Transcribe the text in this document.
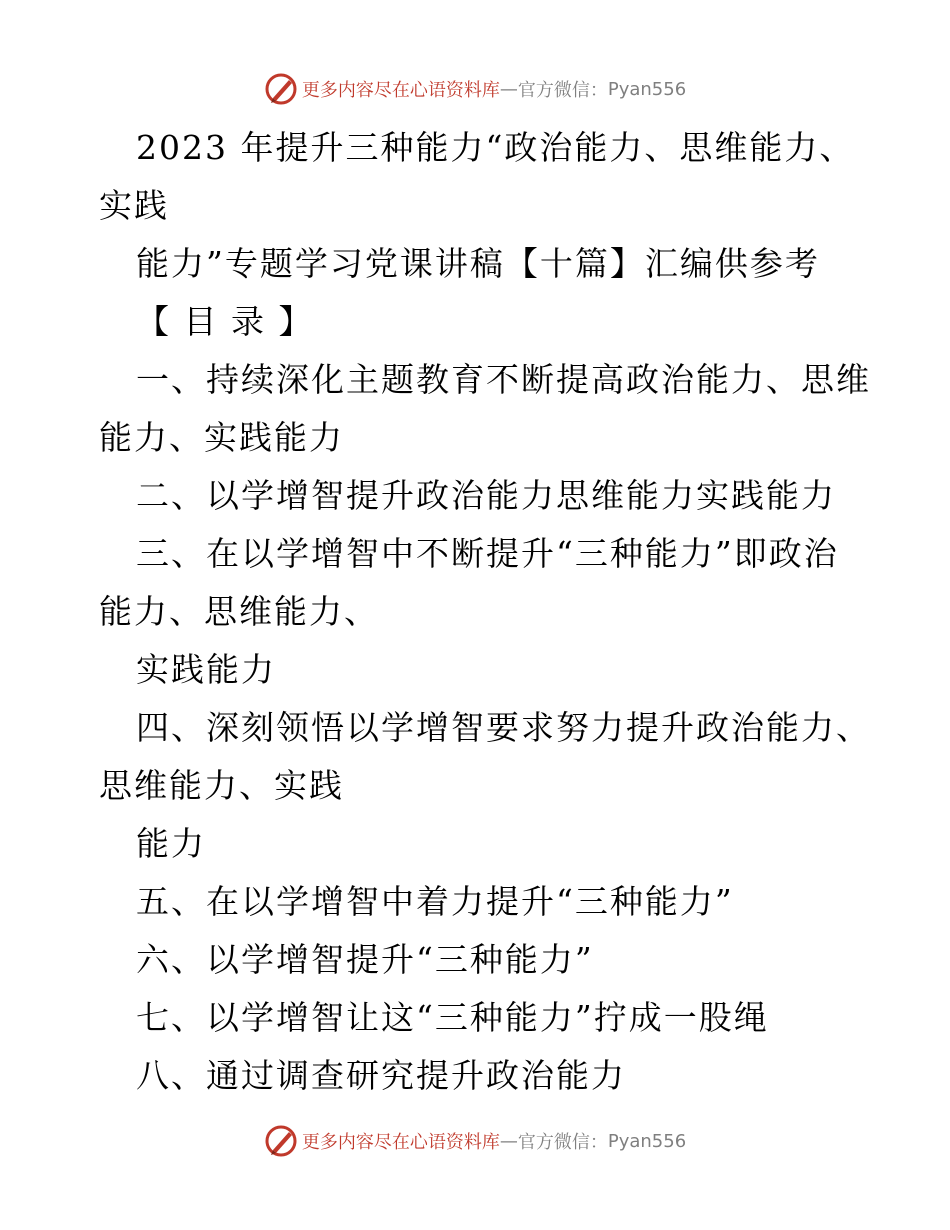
更多内容尽在心语资料库 — 官方微信： Pyan556
2023 年提升三种能力“政治能力、思维能力、
实践
能力”专题学习党课讲稿【十篇】汇编供参考
【 目 录 】
一、持续深化主题教育不断提高政治能力、思维
能力、实践能力
二、以学增智提升政治能力思维能力实践能力
三、在以学增智中不断提升“三种能力”即政治
能力、思维能力、
实践能力
四、深刻领悟以学增智要求努力提升政治能力、
思维能力、实践
能力
五、在以学增智中着力提升“三种能力”
六、以学增智提升“三种能力”
七、以学增智让这“三种能力”拧成一股绳
八、通过调查研究提升政治能力
更多内容尽在心语资料库 — 官方微信： Pyan556
